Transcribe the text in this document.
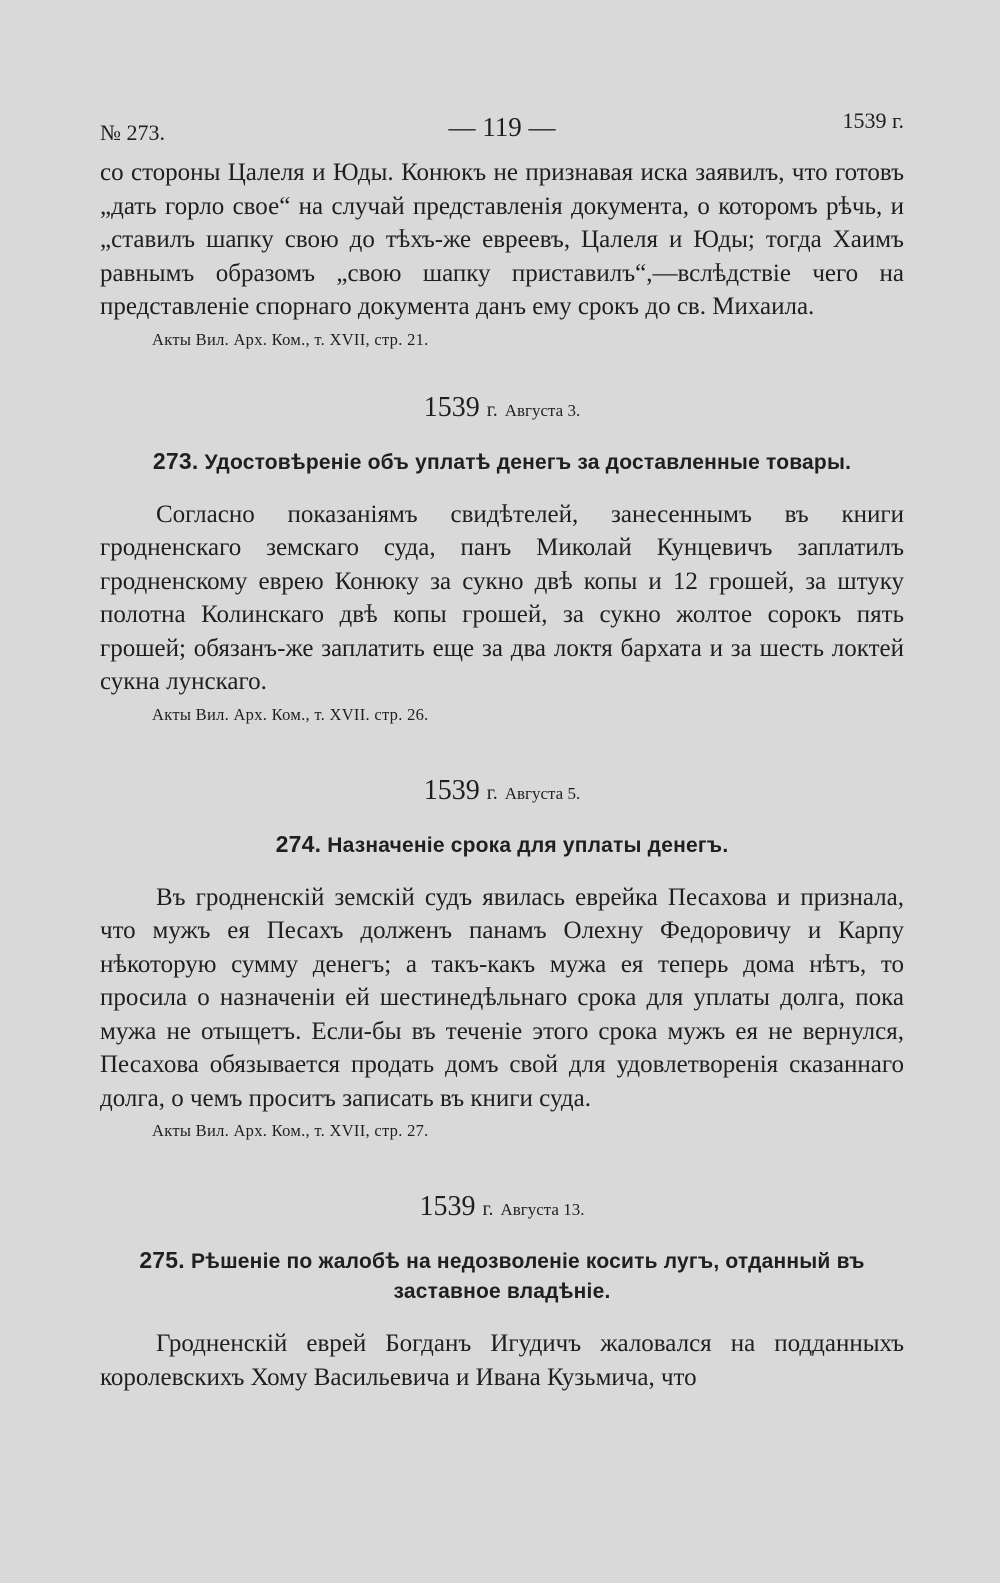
№ 273.	— 119 —	1539 г.

со стороны Цалеля и Юды. Конюкъ не признавая иска заявилъ, что готовъ „дать горло свое“ на случай представленія документа, о которомъ рѣчь, и „ставилъ шапку свою до тѣхъ-же евреевъ, Цалеля и Юды; тогда Хаимъ равнымъ образомъ „свою шапку приставилъ“,—вслѣдствіе чего на представленіе спорнаго документа данъ ему срокъ до св. Михаила.

Акты Вил. Арх. Ком., т. XVII, стр. 21.
1539 г. Августа 3.
273. Удостовѣреніе объ уплатѣ денегъ за доставленные товары.

Согласно показаніямъ свидѣтелей, занесеннымъ въ книги гродненскаго земскаго суда, панъ Миколай Кунцевичъ заплатилъ гродненскому еврею Конюку за сукно двѣ копы и 12 грошей, за штуку полотна Колинскаго двѣ копы грошей, за сукно жолтое сорокъ пять грошей; обязанъ-же заплатить еще за два локтя бархата и за шесть локтей сукна лунскаго.

Акты Вил. Арх. Ком., т. XVII. стр. 26.
1539 г. Августа 5.
274. Назначеніе срока для уплаты денегъ.

Въ гродненскій земскій судъ явилась еврейка Песахова и признала, что мужъ ея Песахъ долженъ панамъ Олехну Федоровичу и Карпу нѣкоторую сумму денегъ; а такъ-какъ мужа ея теперь дома нѣтъ, то просила о назначеніи ей шестинедѣльнаго срока для уплаты долга, пока мужа не отыщетъ. Если-бы въ теченіе этого срока мужъ ея не вернулся, Песахова обязывается продать домъ свой для удовлетворенія сказаннаго долга, о чемъ проситъ записать въ книги суда.

Акты Вил. Арх. Ком., т. XVII, стр. 27.
1539 г. Августа 13.
275. Рѣшеніе по жалобѣ на недозволеніе косить лугъ, отданный въ заставное владѣніе.

Гродненскій еврей Богданъ Игудичъ жаловался на подданныхъ королевскихъ Хому Васильевича и Ивана Кузьмича, что
